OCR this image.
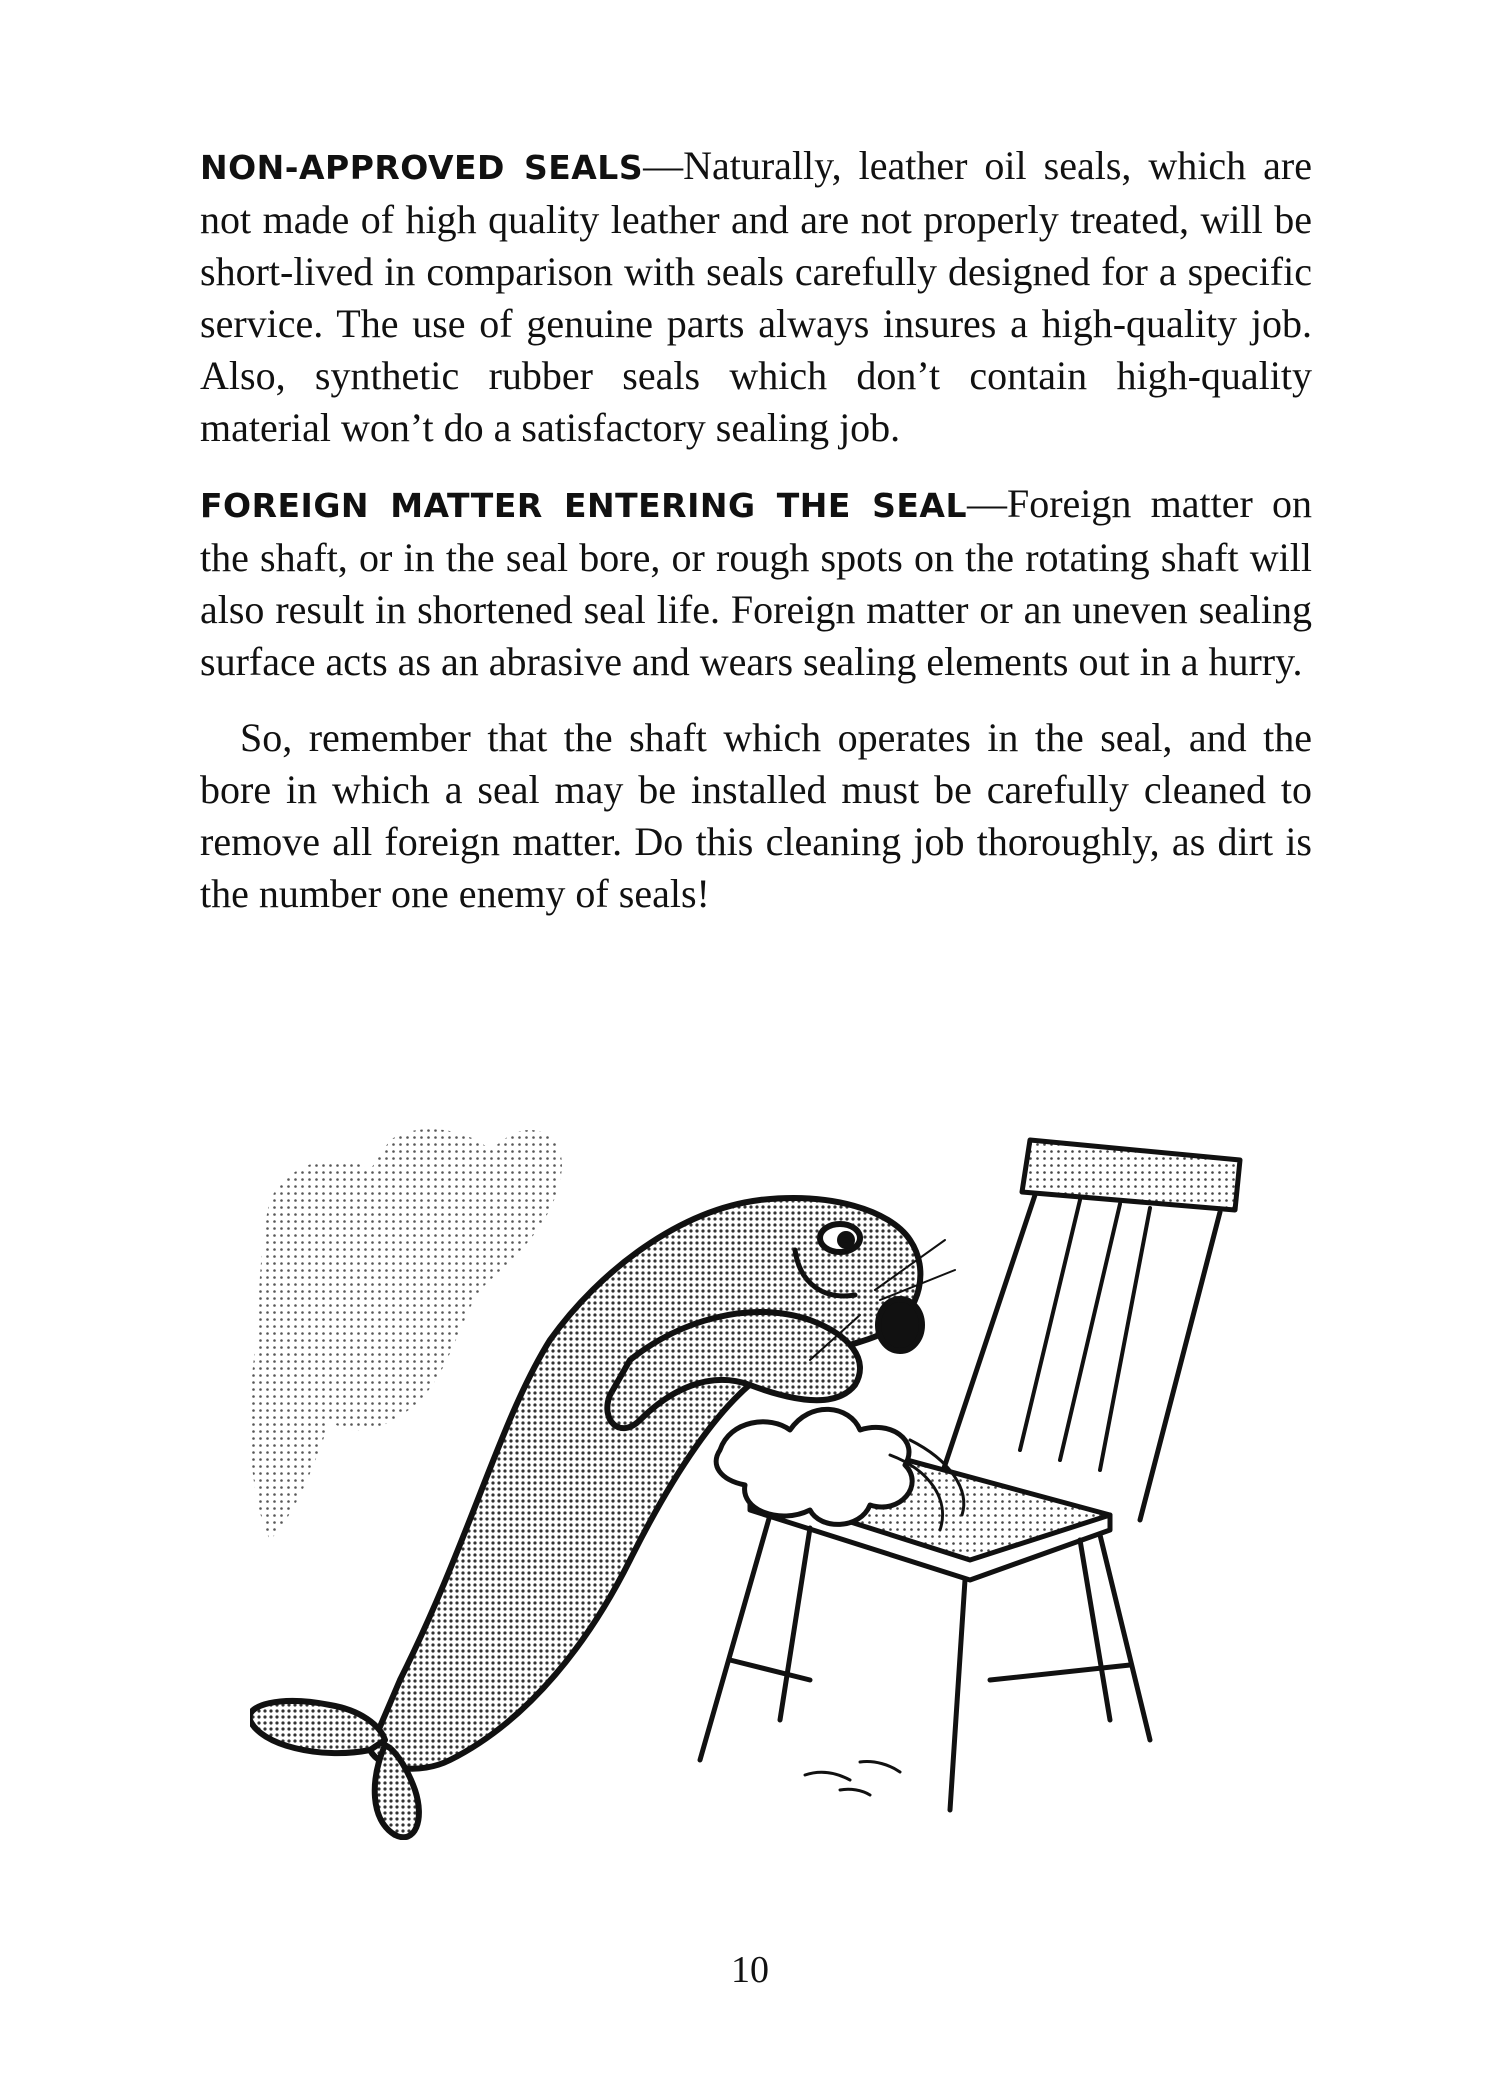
NON-APPROVED SEALS—Naturally, leather oil seals, which are not made of high quality leather and are not properly treated, will be short-lived in comparison with seals carefully designed for a specific service. The use of genuine parts always insures a high-quality job. Also, synthetic rubber seals which don’t contain high-quality material won’t do a satisfactory sealing job.

FOREIGN MATTER ENTERING THE SEAL—Foreign matter on the shaft, or in the seal bore, or rough spots on the rotating shaft will also result in shortened seal life. Foreign matter or an uneven sealing surface acts as an abrasive and wears sealing elements out in a hurry.

So, remember that the shaft which operates in the seal, and the bore in which a seal may be installed must be carefully cleaned to remove all foreign matter. Do this cleaning job thoroughly, as dirt is the number one enemy of seals!

10
